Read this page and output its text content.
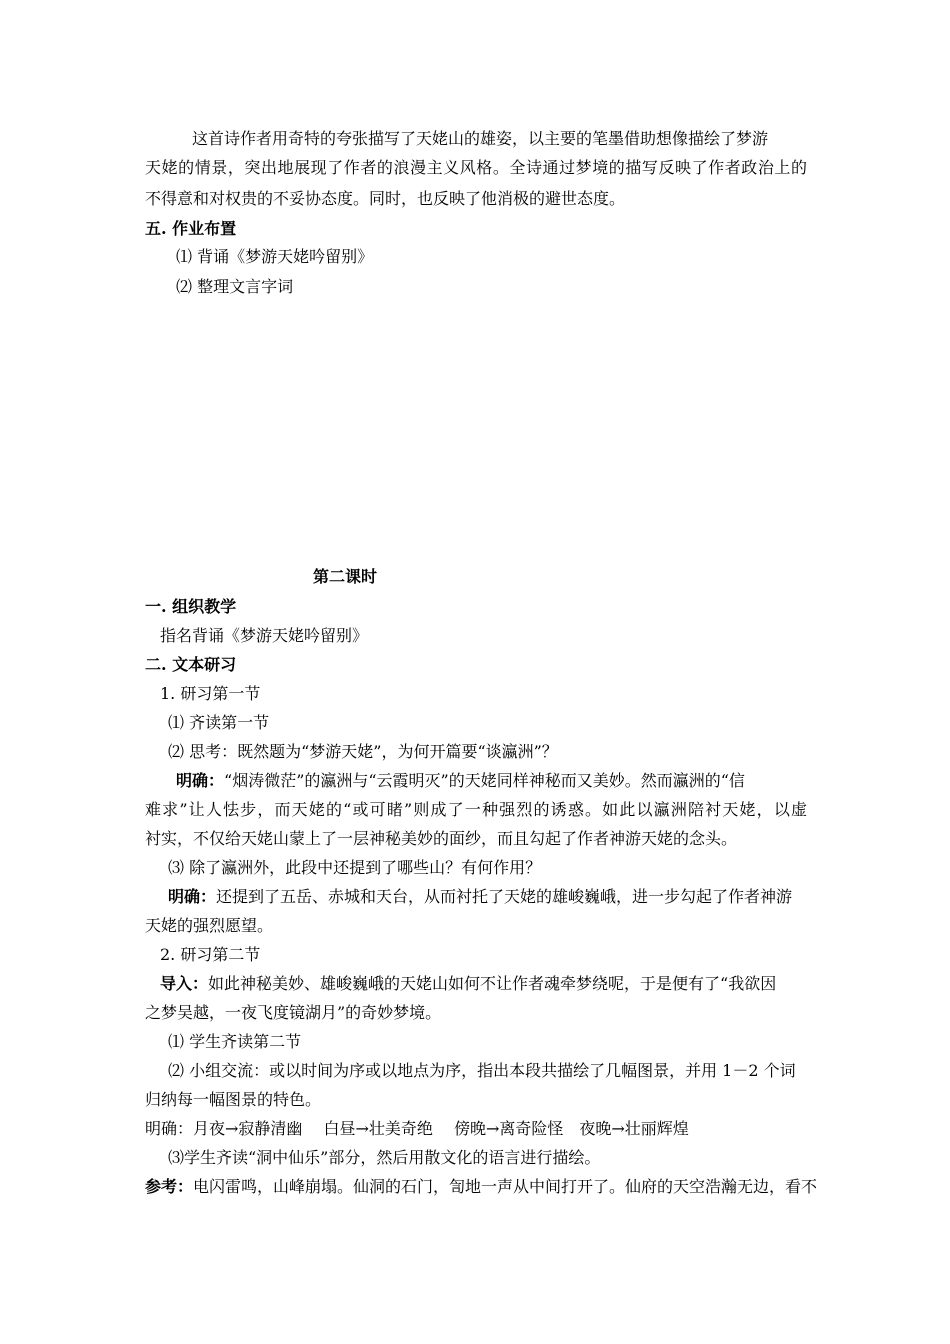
这首诗作者用奇特的夸张描写了天姥山的雄姿，以主要的笔墨借助想像描绘了梦游
天姥的情景，突出地展现了作者的浪漫主义风格。全诗通过梦境的描写反映了作者政治上的
不得意和对权贵的不妥协态度。同时，也反映了他消极的避世态度。
五. 作业布置
⑴ 背诵《梦游天姥吟留别》
⑵ 整理文言字词
第二课时
一. 组织教学
指名背诵《梦游天姥吟留别》
二. 文本研习
1. 研习第一节
⑴ 齐读第一节
⑵ 思考：既然题为“梦游天姥”，为何开篇要“谈瀛洲”？
明确：“烟涛微茫”的瀛洲与“云霞明灭”的天姥同样神秘而又美妙。然而瀛洲的“信
难求”让人怯步，而天姥的“或可睹”则成了一种强烈的诱惑。如此以瀛洲陪衬天姥，以虚
衬实，不仅给天姥山蒙上了一层神秘美妙的面纱，而且勾起了作者神游天姥的念头。
⑶ 除了瀛洲外，此段中还提到了哪些山？有何作用？
明确：还提到了五岳、赤城和天台，从而衬托了天姥的雄峻巍峨，进一步勾起了作者神游
天姥的强烈愿望。
2. 研习第二节
导入：如此神秘美妙、雄峻巍峨的天姥山如何不让作者魂牵梦绕呢，于是便有了“我欲因
之梦吴越，一夜飞度镜湖月”的奇妙梦境。
⑴ 学生齐读第二节
⑵ 小组交流：或以时间为序或以地点为序，指出本段共描绘了几幅图景，并用 1－2 个词
归纳每一幅图景的特色。
明确：月夜→寂静清幽　 白昼→壮美奇绝　 傍晚→离奇险怪　夜晚→壮丽辉煌
⑶学生齐读“洞中仙乐”部分，然后用散文化的语言进行描绘。
参考：电闪雷鸣，山峰崩塌。仙洞的石门，訇地一声从中间打开了。仙府的天空浩瀚无边，看不
